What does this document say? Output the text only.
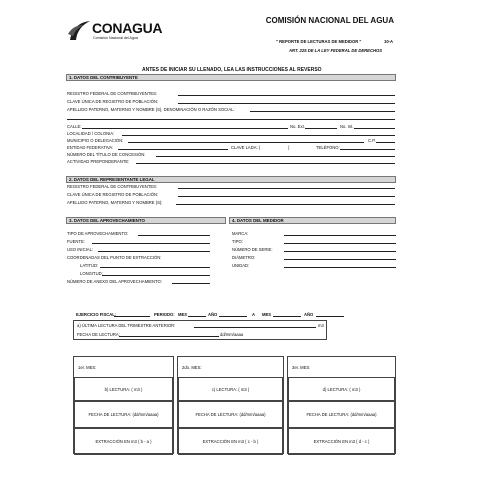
CONAGUA
Comisión Nacional del Agua
COMISIÓN NACIONAL DEL AGUA
" REPORTE DE LECTURAS DE MEDIDOR "	10-A
ART. 225 DE LA LEY FEDERAL DE DERECHOS
ANTES DE INICIAR SU LLENADO, LEA LAS INSTRUCCIONES AL REVERSO
1. DATOS DEL CONTRIBUYENTE
REGISTRO FEDERAL DE CONTRIBUYENTES:
CLAVE ÚNICA DE REGISTRO DE POBLACIÓN:
APELLIDO PATERNO, MATERNO Y NOMBRE (S), DENOMINACIÓN O RAZÓN SOCIAL:
CALLE:	No. Ext.	No. Int.
LOCALIDAD / COLONIA:
MUNICIPIO O DELEGACIÓN:	C.P.
ENTIDAD FEDERATIVA:	CLAVE LADA: (	)	TELÉFONO:
NÚMERO DEL TÍTULO DE CONCESIÓN:
ACTIVIDAD PREPONDERANTE:
2. DATOS DEL REPRESENTANTE LEGAL
REGISTRO FEDERAL DE CONTRIBUYENTES:
CLAVE ÚNICA DE REGISTRO DE POBLACIÓN:
APELLIDO PATERNO, MATERNO Y NOMBRE (S):
3. DATOS DEL APROVECHAMIENTO	4. DATOS DEL MEDIDOR
TIPO DE APROVECHAMIENTO:
FUENTE:
USO INICIAL:
COORDENADAS DEL PUNTO DE EXTRACCIÓN:
LATITUD:
LONGITUD:
NÚMERO DE ANEXO DEL APROVECHAMIENTO:
MARCA:
TIPO:
NÚMERO DE SERIE:
DIÁMETRO:
UNIDAD:
EJERCICIO FISCAL:	PERIODO: MES	AÑO	A MES	AÑO
a) ÚLTIMA LECTURA DEL TRIMESTRE ANTERIOR:	m3
FECHA DE LECTURA:	dd/mm/aaaa
1er. MES:
b) LECTURA: ( m3 )
FECHA DE LECTURA: (dd/mm/aaaa)
EXTRACCIÓN EN m3 ( b - a )
2do. MES:
c) LECTURA: ( m3 )
FECHA DE LECTURA: (dd/mm/aaaa)
EXTRACCIÓN EN m3 ( c - b )
3er. MES:
d) LECTURA: ( m3 )
FECHA DE LECTURA: (dd/mm/aaaa)
EXTRACCIÓN EN m3 ( d - c )
